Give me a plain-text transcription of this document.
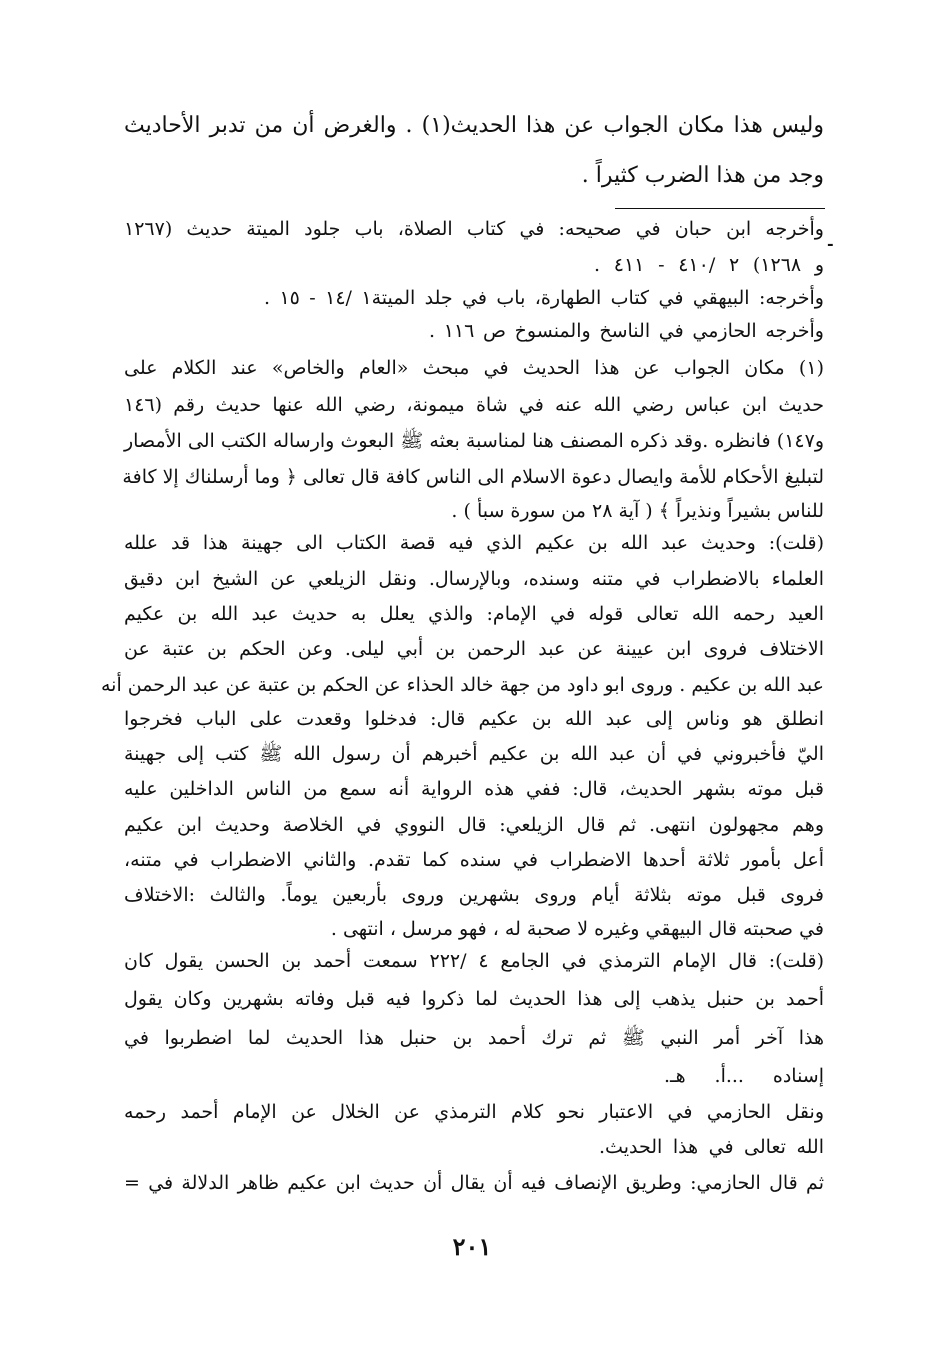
وليس هذا مكان الجواب عن هذا الحديث(١) . والغرض أن من تدبر الأحاديث
وجد من هذا الضرب كثيراً .
-
وأخرجه ابن حبان في صحيحه: في كتاب الصلاة، باب جلود الميتة حديث (١٢٦٧
و ١٢٦٨) ٢ /٤١٠ - ٤١١ .
وأخرجه: البيهقي في كتاب الطهارة، باب في جلد الميتة١ /١٤ - ١٥ .
وأخرجه الحازمي في الناسخ والمنسوخ ص ١١٦ .
(١) مكان الجواب عن هذا الحديث في مبحث «العام والخاص» عند الكلام على
حديث ابن عباس رضي الله عنه في شاة ميمونة، رضي الله عنها حديث رقم (١٤٦
و١٤٧) فانظره .وقد ذكره المصنف هنا لمناسبة بعثه ﷺ البعوث وارساله الكتب الى الأمصار
لتبليغ الأحكام للأمة وايصال دعوة الاسلام الى الناس كافة قال تعالى ﴿ وما أرسلناك إلا كافة
للناس بشيراً ونذيراً ﴾ ( آية ٢٨ من سورة سبأ ) .
(قلت): وحديث عبد الله بن عكيم الذي فيه قصة الكتاب الى جهينة هذا قد علله
العلماء بالاضطراب في متنه وسنده، وبالإرسال. ونقل الزيلعي عن الشيخ ابن دقيق
العيد رحمه الله تعالى قوله في الإمام: والذي يعلل به حديث عبد الله بن عكيم
الاختلاف فروى ابن عيينة عن عبد الرحمن بن أبي ليلى. وعن الحكم بن عتبة عن
عبد الله بن عكيم . وروى ابو داود من جهة خالد الحذاء عن الحكم بن عتبة عن عبد الرحمن أنه
انطلق هو وناس إلى عبد الله بن عكيم قال: فدخلوا وقعدت على الباب فخرجوا
اليّ فأخبروني في أن عبد الله بن عكيم أخبرهم أن رسول الله ﷺ كتب إلى جهينة
قبل موته بشهر الحديث، قال: ففي هذه الرواية أنه سمع من الناس الداخلين عليه
وهم مجهولون انتهى. ثم قال الزيلعي: قال النووي في الخلاصة وحديث ابن عكيم
أعل بأمور ثلاثة أحدها الاضطراب في سنده كما تقدم. والثاني الاضطراب في متنه،
فروى قبل موته بثلاثة أيام وروى بشهرين وروى بأربعين يوماً. والثالث :الاختلاف
في صحبته قال البيهقي وغيره لا صحبة له ، فهو مرسل ، انتهى .
(قلت): قال الإمام الترمذي في الجامع ٤ /٢٢٢ سمعت أحمد بن الحسن يقول كان
أحمد بن حنبل يذهب إلى هذا الحديث لما ذكروا فيه قبل وفاته بشهرين وكان يقول
هذا آخر أمر النبي ﷺ ثم ترك أحمد بن حنبل هذا الحديث لما اضطربوا في
إسناده ...أ. هـ.
ونقل الحازمي في الاعتبار نحو كلام الترمذي عن الخلال عن الإمام أحمد رحمه
الله تعالى في هذا الحديث.
ثم قال الحازمي: وطريق الإنصاف فيه أن يقال أن حديث ابن عكيم ظاهر الدلالة في =
٢٠١
